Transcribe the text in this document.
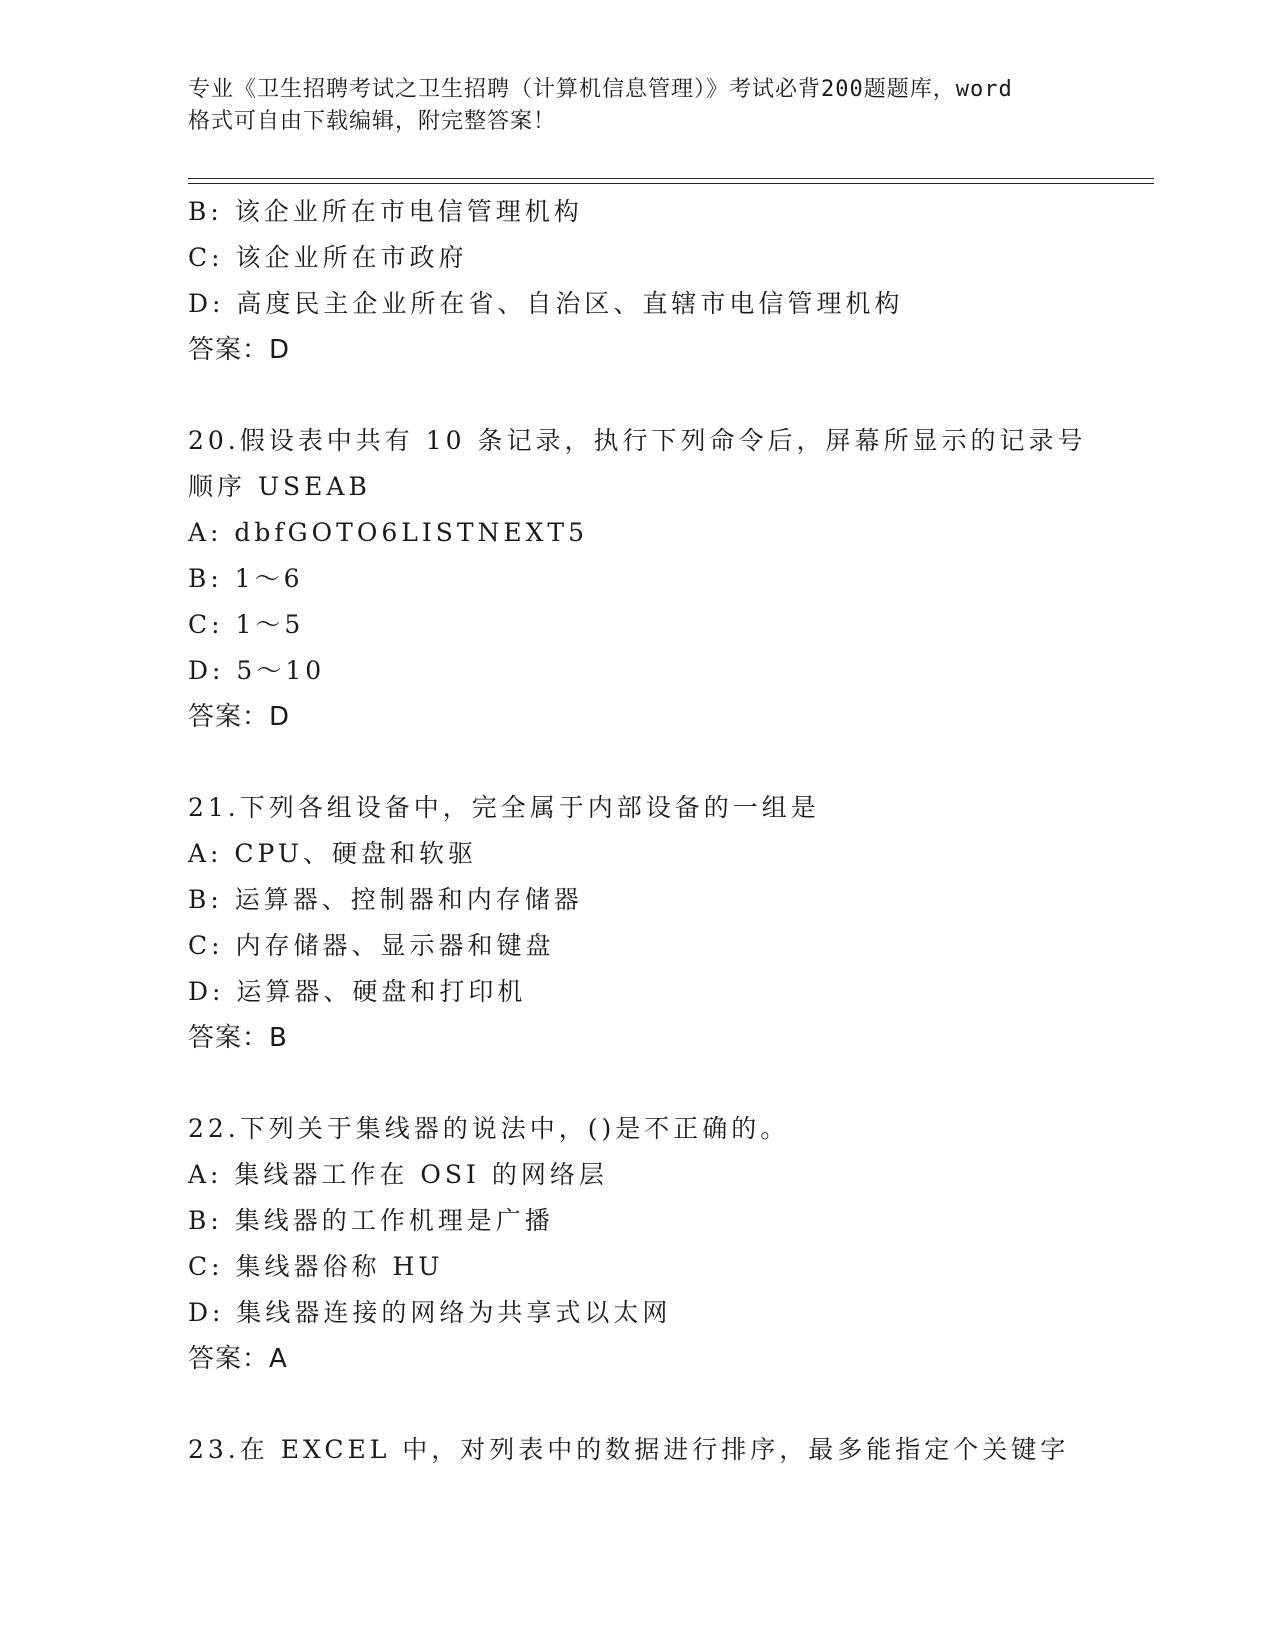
专业《卫生招聘考试之卫生招聘（计算机信息管理）》考试必背200题题库，word
格式可自由下载编辑，附完整答案！
B: 该企业所在市电信管理机构
C: 该企业所在市政府
D: 高度民主企业所在省、自治区、直辖市电信管理机构
答案：D
20.假设表中共有 10 条记录，执行下列命令后，屏幕所显示的记录号
顺序 USEAB
A: dbfGOTO6LISTNEXT5
B: 1～6
C: 1～5
D: 5～10
答案：D
21.下列各组设备中，完全属于内部设备的一组是
A: CPU、硬盘和软驱
B: 运算器、控制器和内存储器
C: 内存储器、显示器和键盘
D: 运算器、硬盘和打印机
答案：B
22.下列关于集线器的说法中，()是不正确的。
A: 集线器工作在 OSI 的网络层
B: 集线器的工作机理是广播
C: 集线器俗称 HU
D: 集线器连接的网络为共享式以太网
答案：A
23.在 EXCEL 中，对列表中的数据进行排序，最多能指定个关键字
